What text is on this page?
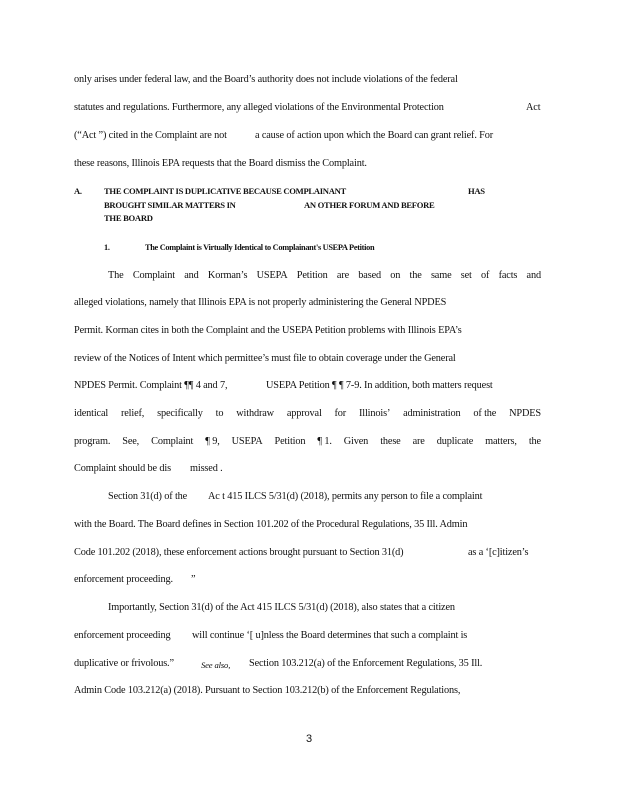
only arises under federal law, and the Board’s authority does not include violations of the federal
statutes and regulations. Furthermore, any alleged violations of the Environmental Protection	Act
(“Act ”) cited in the Complaint are not	a cause of action upon which the Board can grant relief. For
these reasons, Illinois EPA requests that the Board dismiss the Complaint.
A.	THE COMPLAINT IS DUPLICATIVE BECAUSE COMPLAINANT	HAS
BROUGHT SIMILAR MATTERS IN	AN OTHER FORUM AND BEFORE
THE BOARD
1.	The Complaint is Virtually Identical to Complainant's USEPA Petition
The Complaint and Korman’s USEPA Petition are based on the same set of facts and
alleged violations, namely that Illinois EPA is not properly administering the General NPDES
Permit. Korman cites in both the Complaint and the USEPA Petition problems with Illinois EPA’s
review of the Notices of Intent which permittee’s must file to obtain coverage under the General
NPDES Permit. Complaint ¶¶ 4 and 7,	USEPA Petition ¶ ¶ 7-9. In addition, both matters request
identical relief, specifically to withdraw approval for Illinois’ administration of the NPDES
program. See, Complaint ¶ 9, USEPA Petition ¶ 1. Given these are duplicate matters, the
Complaint should be dis missed .
Section 31(d) of the Ac t 415 ILCS 5/31(d) (2018), permits any person to file a complaint
with the Board. The Board defines in Section 101.202 of the Procedural Regulations, 35 Ill. Admin
Code 101.202 (2018), these enforcement actions brought pursuant to Section 31(d)	as a ‘[c]itizen’s
enforcement proceeding. ”
Importantly, Section 31(d) of the Act 415 ILCS 5/31(d) (2018), also states that a citizen
enforcement proceeding will continue ‘[ u]nless the Board determines that such a complaint is
duplicative or frivolous.”	See also, Section 103.212(a) of the Enforcement Regulations, 35 Ill.
Admin Code 103.212(a) (2018). Pursuant to Section 103.212(b) of the Enforcement Regulations,
3
